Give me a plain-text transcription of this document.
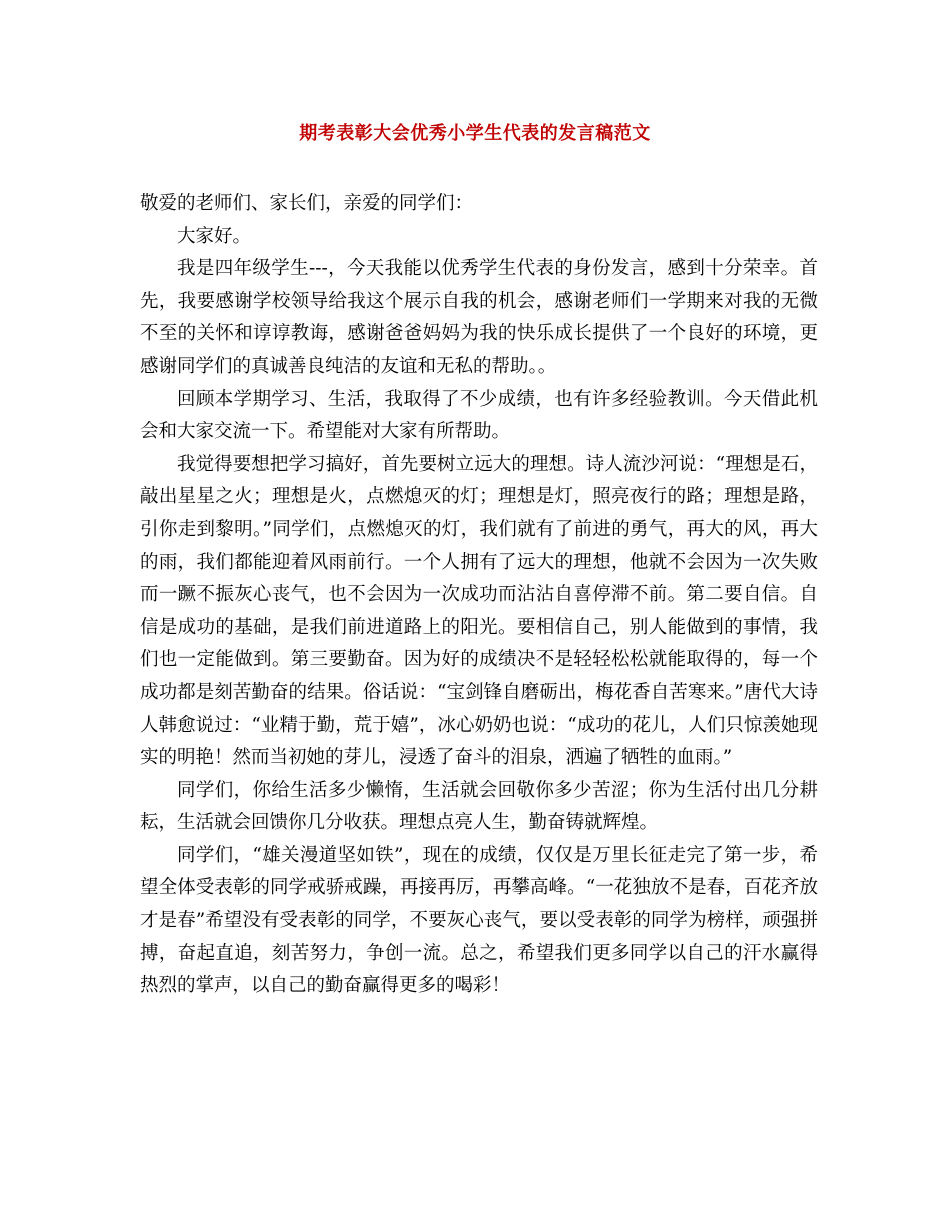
期考表彰大会优秀小学生代表的发言稿范文

敬爱的老师们、家长们，亲爱的同学们：

大家好。

我是四年级学生---，今天我能以优秀学生代表的身份发言，感到十分荣幸。首先，我要感谢学校领导给我这个展示自我的机会，感谢老师们一学期来对我的无微不至的关怀和谆谆教诲，感谢爸爸妈妈为我的快乐成长提供了一个良好的环境，更感谢同学们的真诚善良纯洁的友谊和无私的帮助。。

回顾本学期学习、生活，我取得了不少成绩，也有许多经验教训。今天借此机会和大家交流一下。希望能对大家有所帮助。

我觉得要想把学习搞好，首先要树立远大的理想。诗人流沙河说：“理想是石，敲出星星之火；理想是火，点燃熄灭的灯；理想是灯，照亮夜行的路；理想是路，引你走到黎明。”同学们，点燃熄灭的灯，我们就有了前进的勇气，再大的风，再大的雨，我们都能迎着风雨前行。一个人拥有了远大的理想，他就不会因为一次失败而一蹶不振灰心丧气，也不会因为一次成功而沾沾自喜停滞不前。第二要自信。自信是成功的基础，是我们前进道路上的阳光。要相信自己，别人能做到的事情，我们也一定能做到。第三要勤奋。因为好的成绩决不是轻轻松松就能取得的，每一个成功都是刻苦勤奋的结果。俗话说：“宝剑锋自磨砺出，梅花香自苦寒来。”唐代大诗人韩愈说过：“业精于勤，荒于嬉”，冰心奶奶也说：“成功的花儿，人们只惊羡她现实的明艳！然而当初她的芽儿，浸透了奋斗的泪泉，洒遍了牺牲的血雨。”

同学们，你给生活多少懒惰，生活就会回敬你多少苦涩；你为生活付出几分耕耘，生活就会回馈你几分收获。理想点亮人生，勤奋铸就辉煌。

同学们，“雄关漫道坚如铁”，现在的成绩，仅仅是万里长征走完了第一步，希望全体受表彰的同学戒骄戒躁，再接再厉，再攀高峰。“一花独放不是春，百花齐放才是春”希望没有受表彰的同学，不要灰心丧气，要以受表彰的同学为榜样，顽强拼搏，奋起直追，刻苦努力，争创一流。总之，希望我们更多同学以自己的汗水赢得热烈的掌声，以自己的勤奋赢得更多的喝彩！
